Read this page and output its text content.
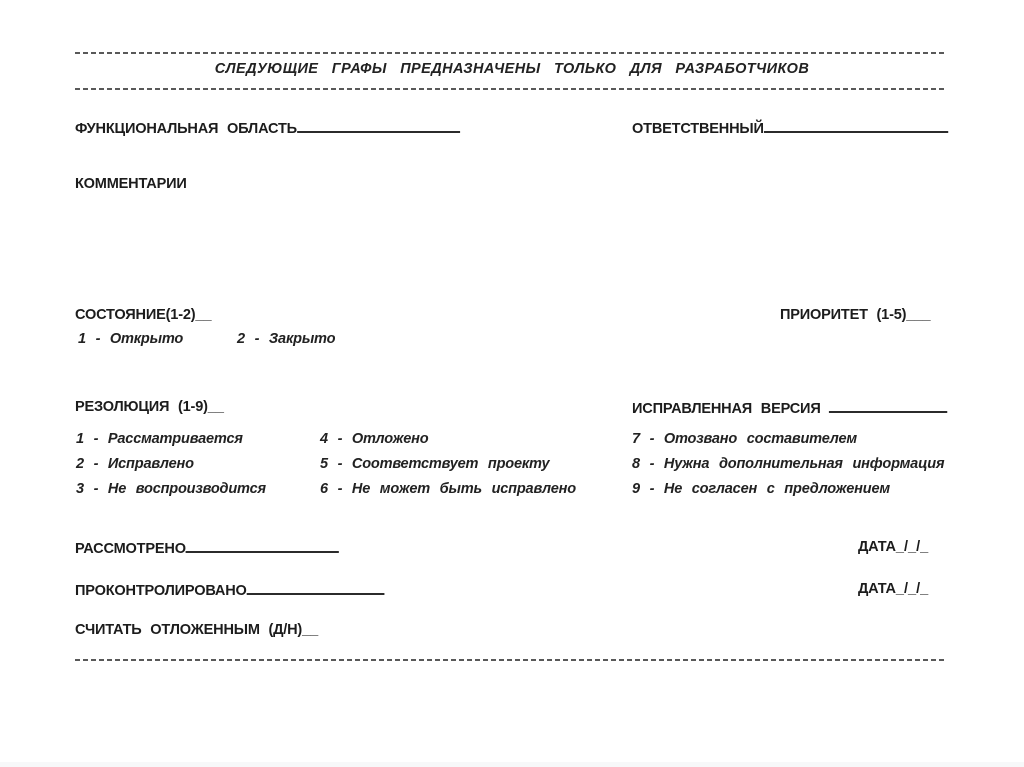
СЛЕДУЮЩИЕ ГРАФЫ ПРЕДНАЗНАЧЕНЫ ТОЛЬКО ДЛЯ РАЗРАБОТЧИКОВ
ФУНКЦИОНАЛЬНАЯ ОБЛАСТЬ	ОТВЕТСТВЕННЫЙ
КОММЕНТАРИИ
СОСТОЯНИЕ(1-2)__	ПРИОРИТЕТ (1-5)___
1 - Открыто	2 - Закрыто
РЕЗОЛЮЦИЯ (1-9)__	ИСПРАВЛЕННАЯ ВЕРСИЯ
1 - Рассматривается
2 - Исправлено
3 - Не воспроизводится
4 - Отложено
5 - Соответствует проекту
6 - Не может быть исправлено
7 - Отозвано составителем
8 - Нужна дополнительная информация
9 - Не согласен с предложением
РАССМОТРЕНО	ДАТА_/_/_
ПРОКОНТРОЛИРОВАНО	ДАТА_/_/_
СЧИТАТЬ ОТЛОЖЕННЫМ (Д/Н)__
